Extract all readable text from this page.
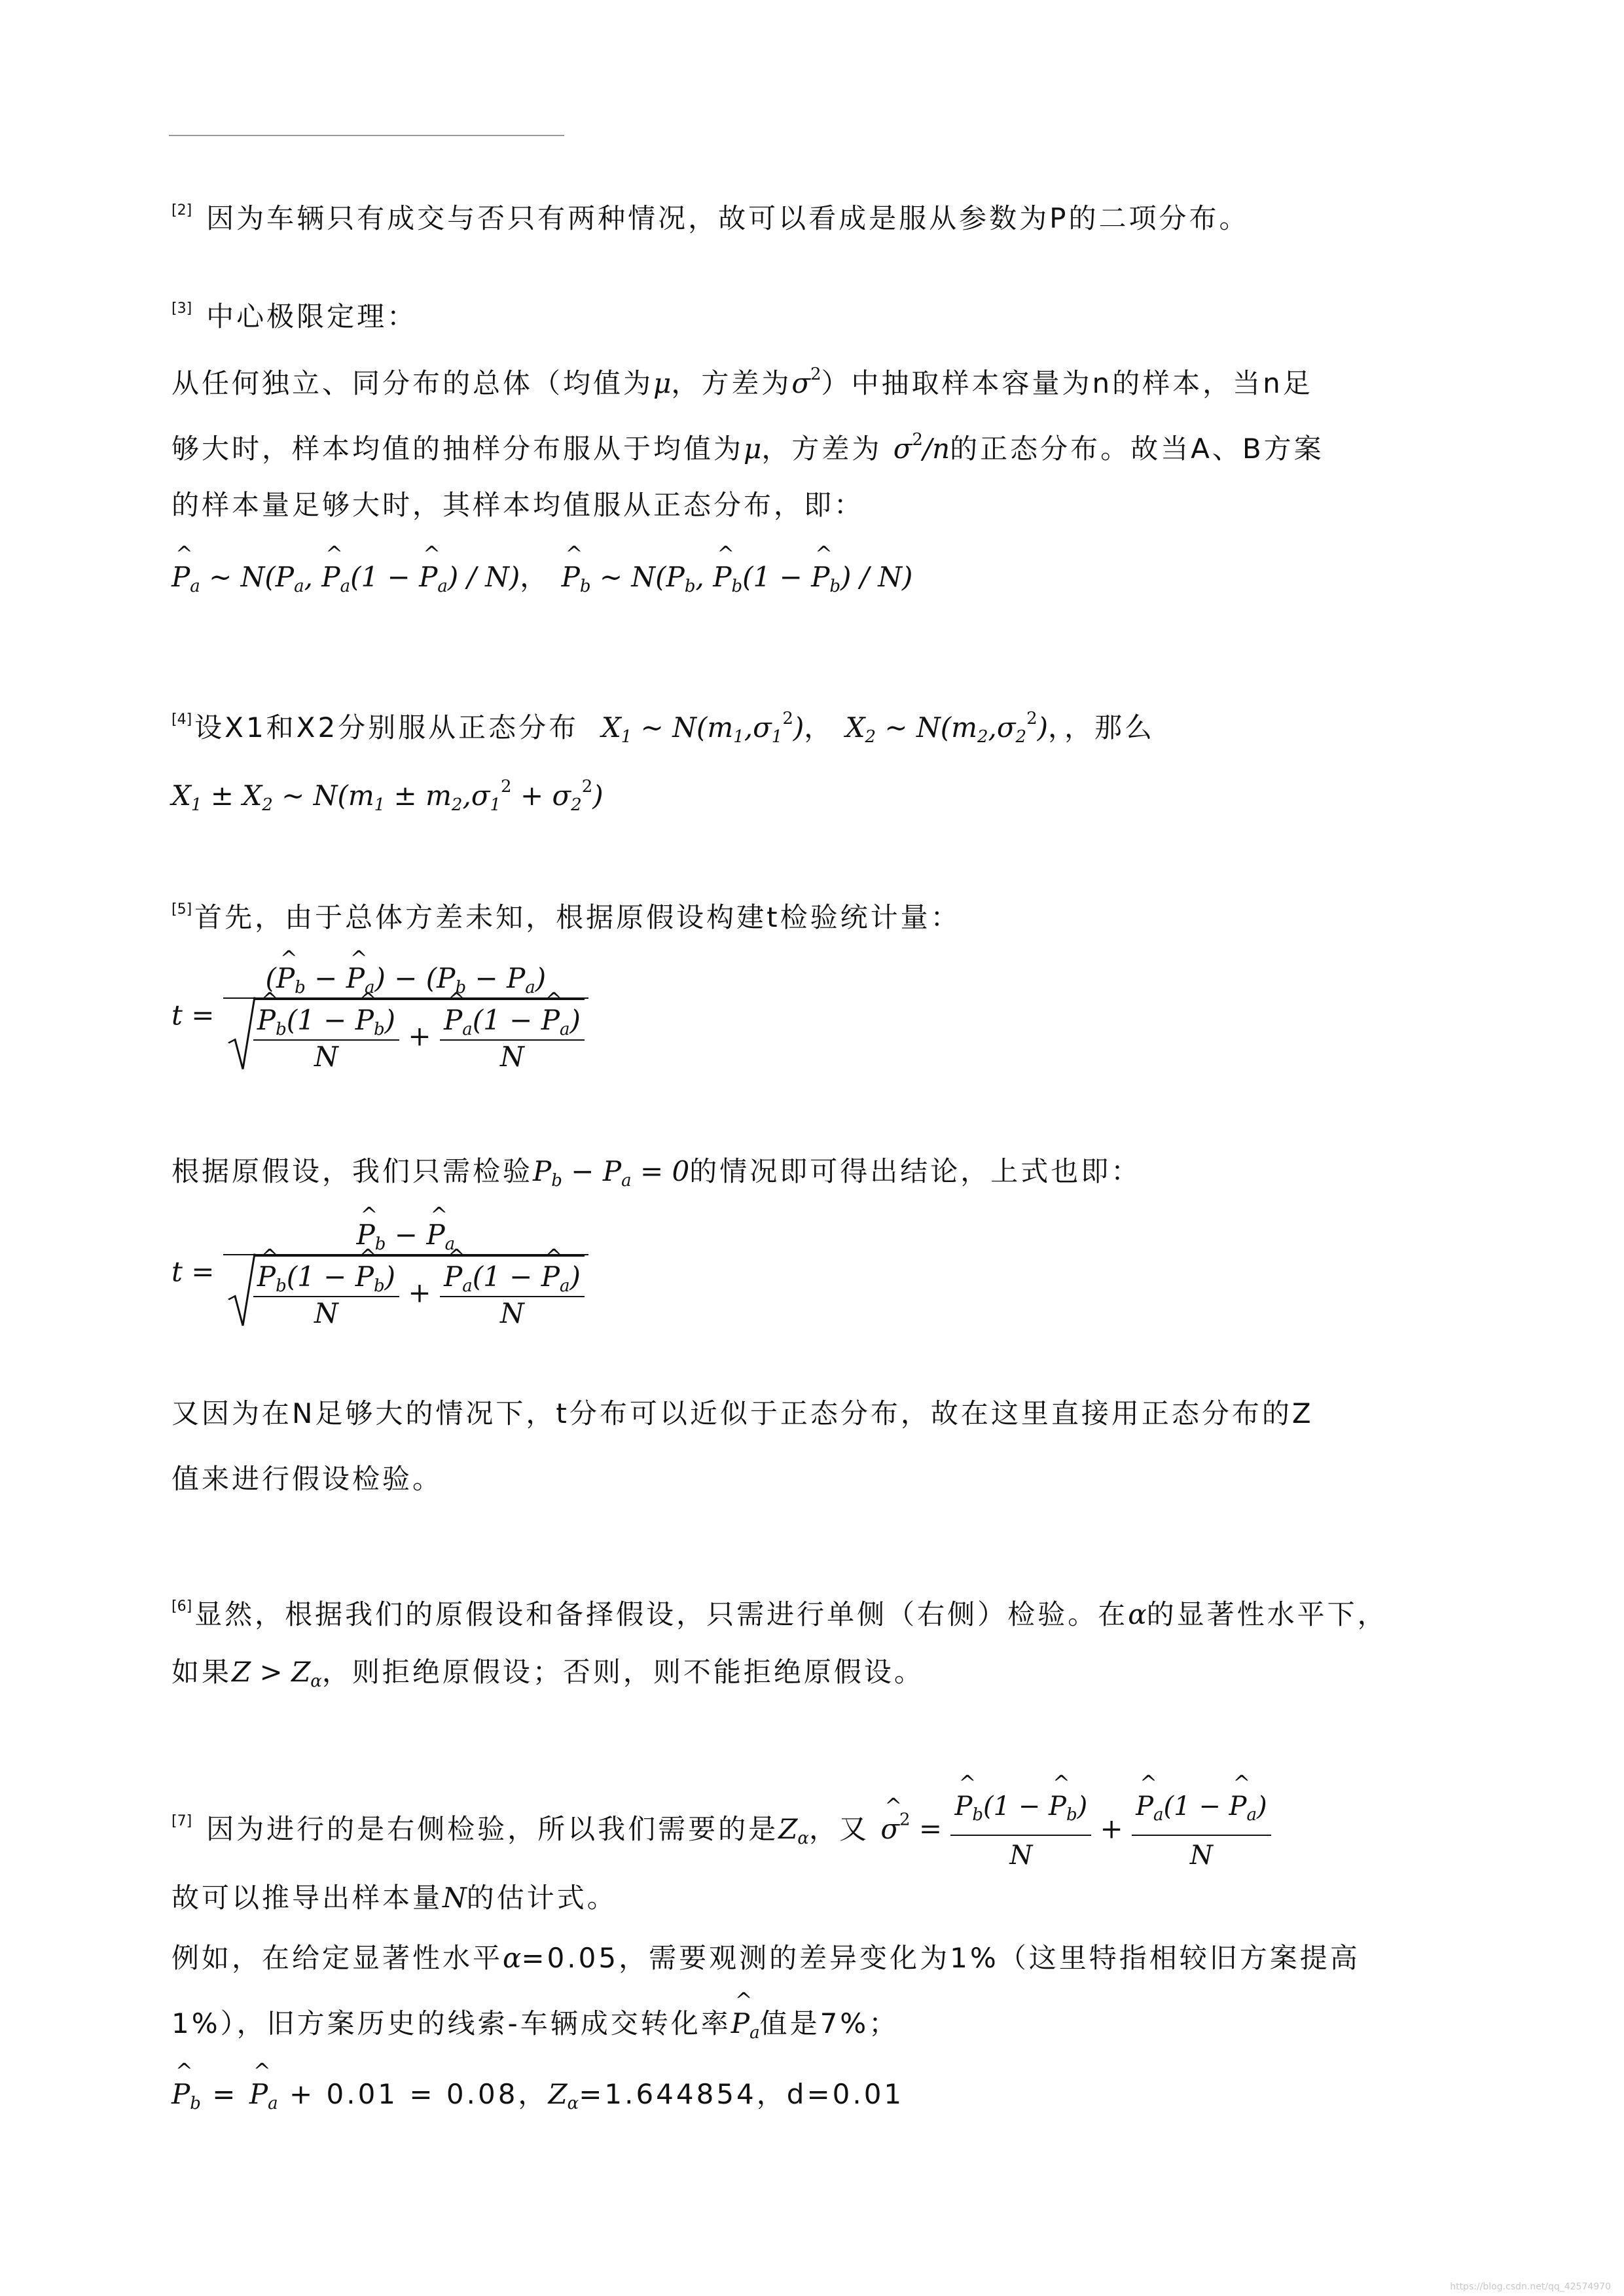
[2] 因为车辆只有成交与否只有两种情况，故可以看成是服从参数为P的二项分布。
[3] 中心极限定理：
从任何独立、同分布的总体（均值为μ，方差为$\sigma^2$）中抽取样本容量为n的样本，当n足
够大时，样本均值的抽样分布服从于均值为μ，方差为 $\sigma^2/n$的正态分布。故当A、B方案
的样本量足够大时，其样本均值服从正态分布，即：
^ $P_a$ ~ $N(P_a$, ^ $P_a(1$ − ^ $P_a) / N$)， ^ $P_b$ ~ $N(P_b$, ^ $P_b(1$ − ^ $P_b) / N$)
[4]设X1和X2分别服从正态分布 $X_1$ ~ $N(m_1,\sigma_1^2)$， $X_2$ ~ $N(m_2,\sigma_2^2)$，，那么
$X_1 \pm X_2$ ~ $N(m_1 \pm m_2,\sigma_1^2 + \sigma_2^2)$
[5]首先，由于总体方差未知，根据原假设构建t检验统计量：
t = (^ $P_b$ − ^ $P_a) - (P_b - P_a)$
^ $\frac{P_b(1 - \^{} P_b)}{N}$ + ^ $\frac{P_a(1 - \^{} P_a)}{N}$
根据原假设，我们只需检验$P_b - P_a = 0$的情况即可得出结论，上式也即：
t = ^ $P_b$ − ^ $P_a$
^ $\frac{P_b(1 - \^{} P_b)}{N}$ + ^ $\frac{P_a(1 - \^{} P_a)}{N}$
又因为在N足够大的情况下，t分布可以近似于正态分布，故在这里直接用正态分布的Z
值来进行假设检验。
[6]显然，根据我们的原假设和备择假设，只需进行单侧（右侧）检验。在α的显著性水平下，
如果$Z > Z_\alpha$，则拒绝原假设；否则，则不能拒绝原假设。
[7] 因为进行的是右侧检验，所以我们需要的是$Z_\alpha$，又 ^ $\sigma^2$ = ^ $\frac{P_b(1 - \^{} P_b)}{N}$ + ^ $\frac{P_a(1 - \^{} P_a)}{N}$
故可以推导出样本量N的估计式。
例如，在给定显著性水平α=0.05，需要观测的差异变化为1%（这里特指相较旧方案提高
1%），旧方案历史的线索-车辆成交转化率^ $P_a$值是7%；
^ $P_b$ = ^ $P_a + 0.01 = 0.08$，$Z_\alpha=1.644854$，d=0.01
https://blog.csdn.net/qq_42574970
